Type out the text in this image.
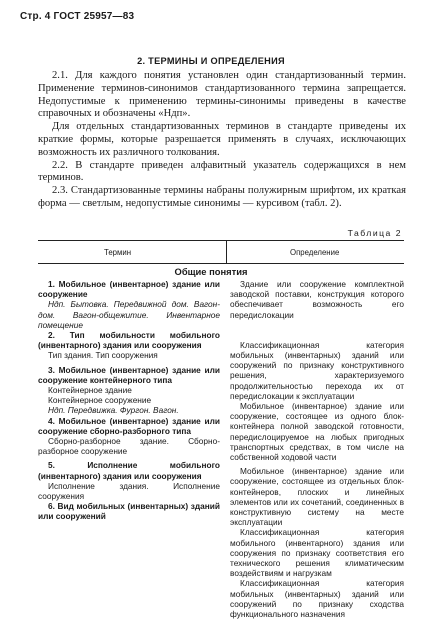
Стр. 4 ГОСТ 25957—83
2. ТЕРМИНЫ И ОПРЕДЕЛЕНИЯ

2.1. Для каждого понятия установлен один стандартизованный термин. Применение терминов-синонимов стандартизованного термина запрещается. Недопустимые к применению термины-синонимы приведены в качестве справочных и обозначены «Ндп».

Для отдельных стандартизованных терминов в стандарте приведены их краткие формы, которые разрешается применять в случаях, исключающих возможность их различного толкования.

2.2. В стандарте приведен алфавитный указатель содержащихся в нем терминов.

2.3. Стандартизованные термины набраны полужирным шрифтом, их краткая форма — светлым, недопустимые синонимы — курсивом (табл. 2).

Таблица 2
Термин	Определение
Общие понятия

1. Мобильное (инвентарное) здание или сооружение

Ндп. Бытовка. Передвижной дом. Вагон-дом. Вагон-общежитие. Инвентарное помещение

2. Тип мобильности мобильного (инвентарного) здания или сооружения

Тип здания. Тип сооружения

3. Мобильное (инвентарное) здание или сооружение контейнерного типа

Контейнерное здание

Контейнерное сооружение

Ндп. Передвижка. Фургон. Вагон.

4. Мобильное (инвентарное) здание или сооружение сборно-разборного типа

Сборно-разборное здание. Сборно-разборное сооружение

5. Исполнение мобильного (инвентарного) здания или сооружения

Исполнение здания. Исполнение сооружения

6. Вид мобильных (инвентарных) зданий или сооружений

Здание или сооружение комплектной заводской поставки, конструкция которого обеспечивает возможность его передислокации

Классификационная категория мобильных (инвентарных) зданий или сооружений по признаку конструктивного решения, характеризуемого продолжительностью перехода их от передислокации к эксплуатации

Мобильное (инвентарное) здание или сооружение, состоящее из одного блок-контейнера полной заводской готовности, передислоцируемое на любых пригодных транспортных средствах, в том числе на собственной ходовой части

Мобильное (инвентарное) здание или сооружение, состоящее из отдельных блок-контейнеров, плоских и линейных элементов или их сочетаний, соединенных в конструктивную систему на месте эксплуатации

Классификационная категория мобильного (инвентарного) здания или сооружения по признаку соответствия его технического решения климатическим воздействиям и нагрузкам

Классификационная категория мобильных (инвентарных) зданий или сооружений по признаку сходства функционального назначения
